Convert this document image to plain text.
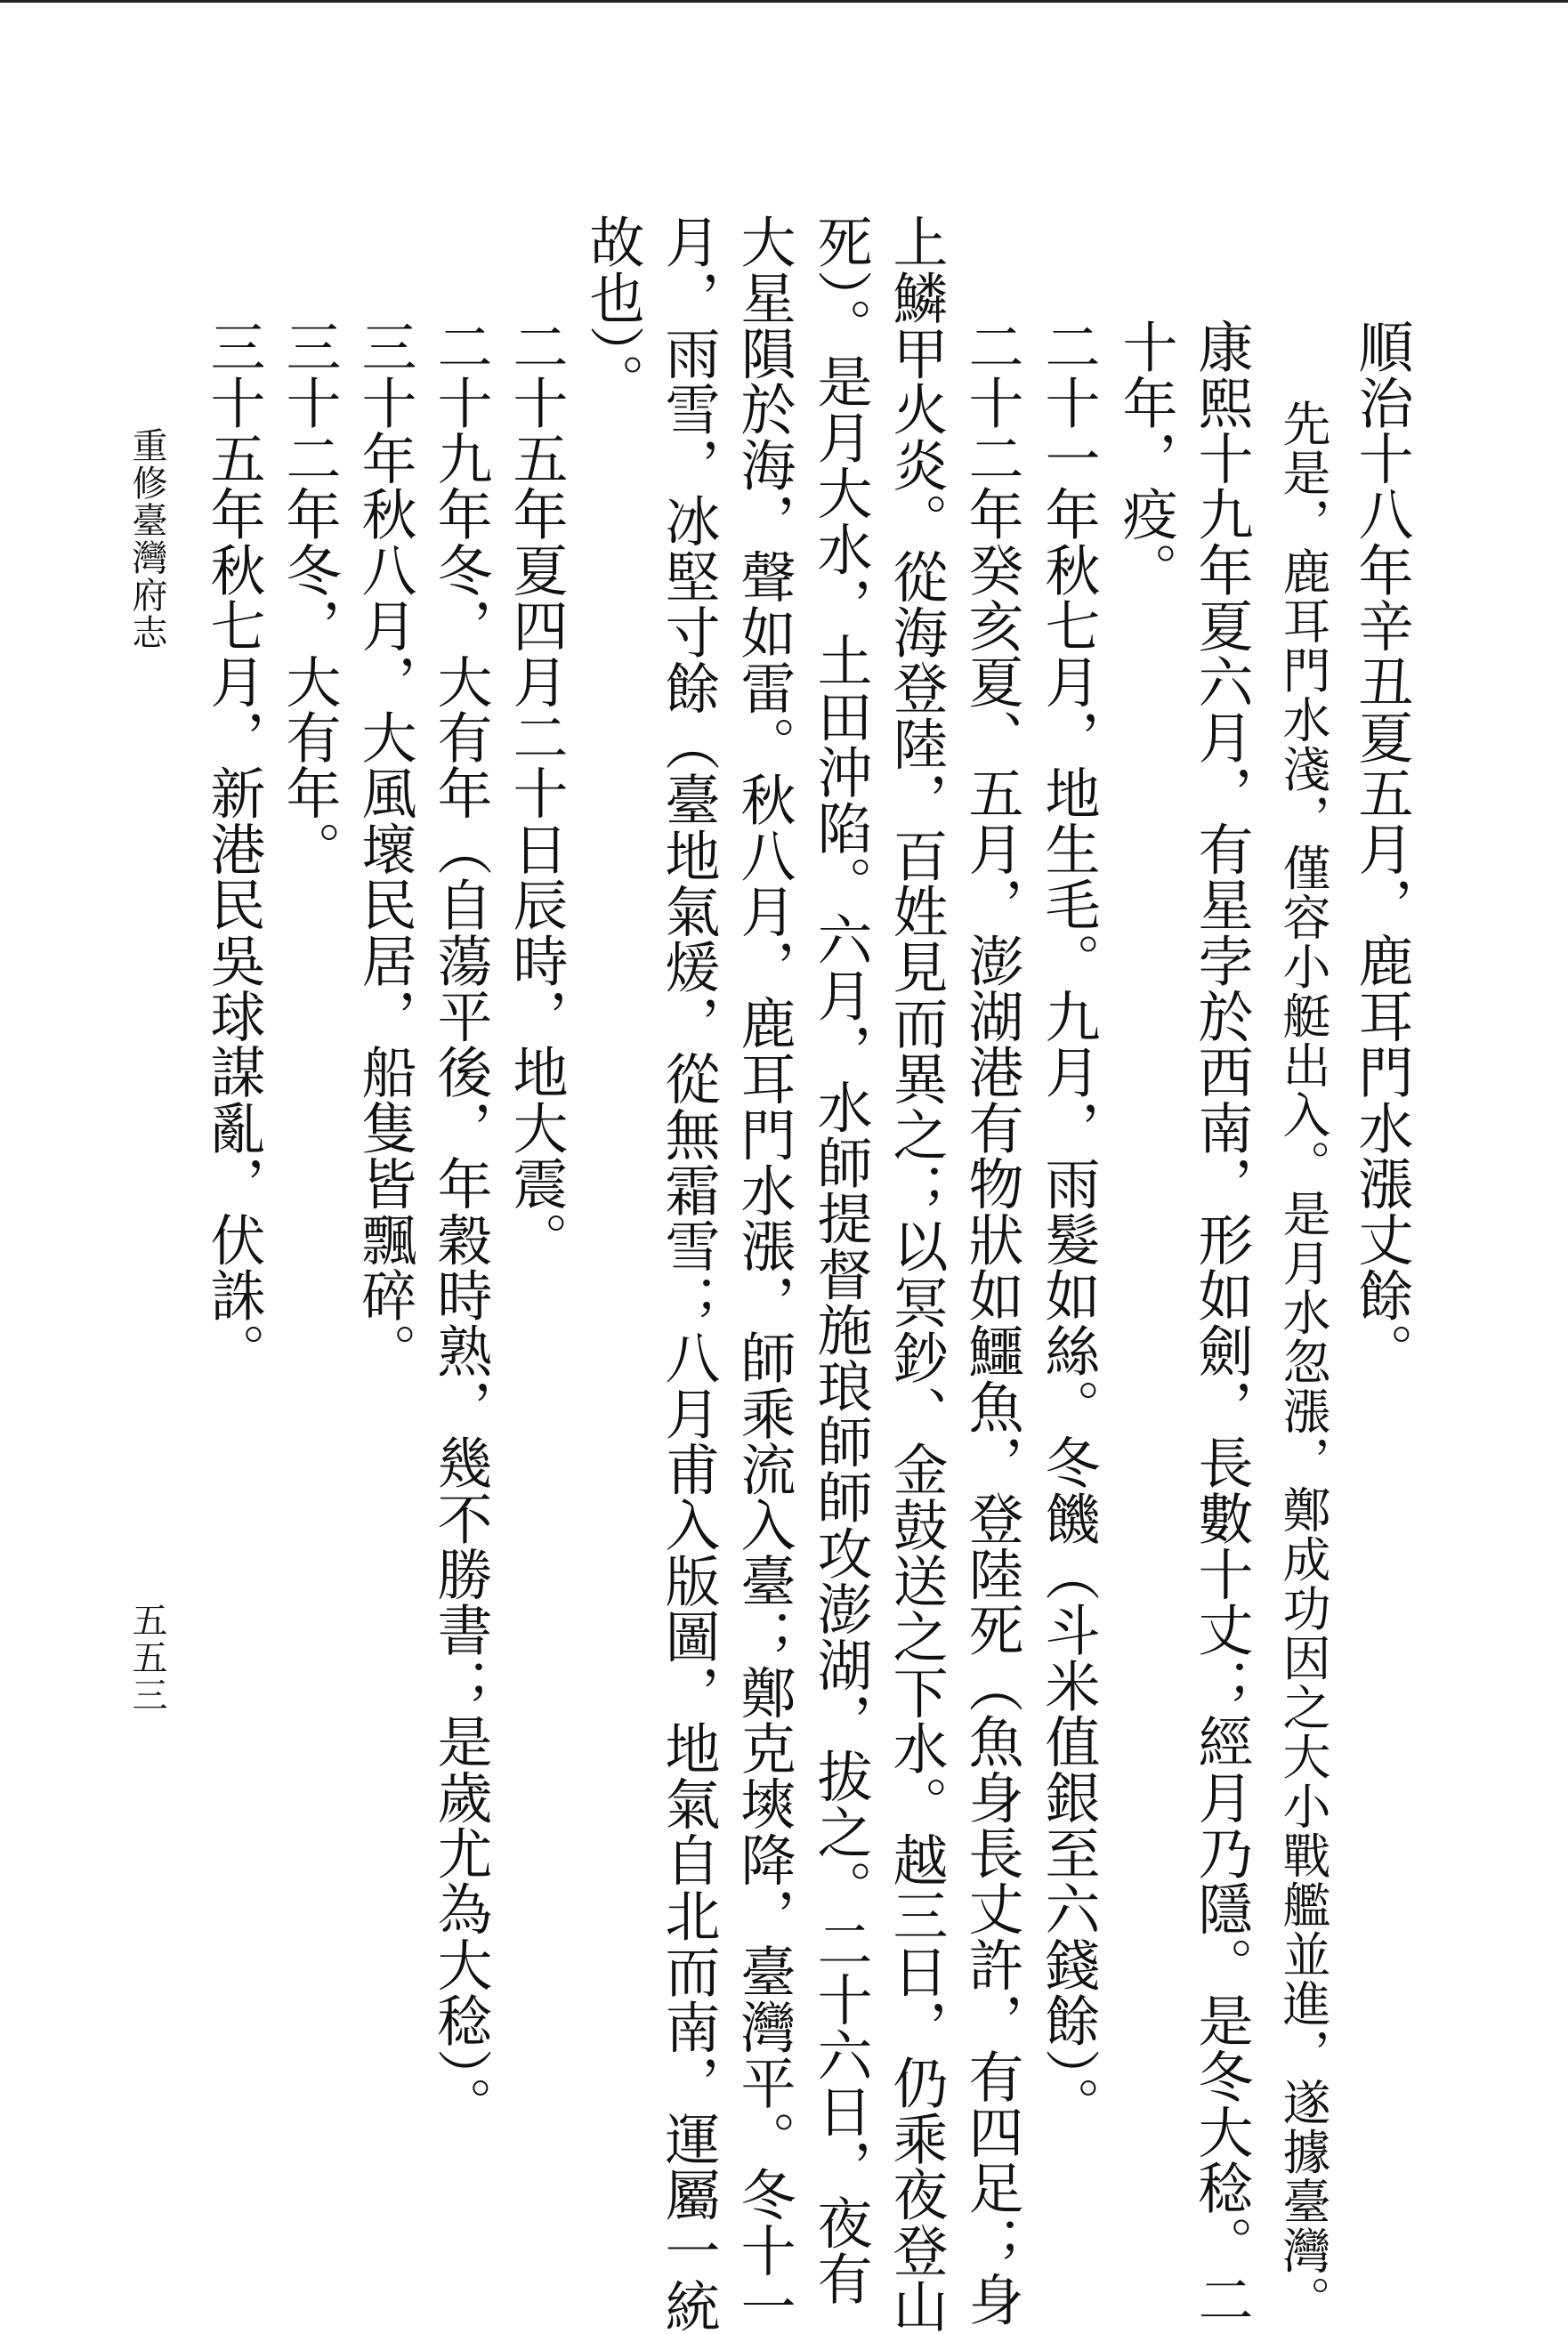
順治十八年辛丑夏五月，鹿耳門水漲丈餘。
先是，鹿耳門水淺，僅容小艇出入。是月水忽漲，鄭成功因之大小戰艦並進，遂據臺灣。
康熙十九年夏六月，有星孛於西南，形如劍，長數十丈；經月乃隱。是冬大稔。二
十年，疫。
二十一年秋七月，地生毛。九月，雨髮如絲。冬饑（斗米值銀至六錢餘）。
二十二年癸亥夏、五月，澎湖港有物狀如鱷魚，登陸死（魚身長丈許，有四足；身
上鱗甲火炎。從海登陸，百姓見而異之；以冥鈔、金鼓送之下水。越三日，仍乘夜登山
死）。是月大水，土田沖陷。六月，水師提督施琅師師攻澎湖，拔之。二十六日，夜有
大星隕於海，聲如雷。秋八月，鹿耳門水漲，師乘流入臺；鄭克塽降，臺灣平。冬十一
月，雨雪，冰堅寸餘（臺地氣煖，從無霜雪；八月甫入版圖，地氣自北而南，運屬一統
故也）。
二十五年夏四月二十日辰時，地大震。
二十九年冬，大有年（自蕩平後，年穀時熟，幾不勝書；是歲尤為大稔）。
三十年秋八月，大風壞民居，船隻皆飄碎。
三十二年冬，大有年。
三十五年秋七月，新港民吳球謀亂，伏誅。
重修臺灣府志
五五三
